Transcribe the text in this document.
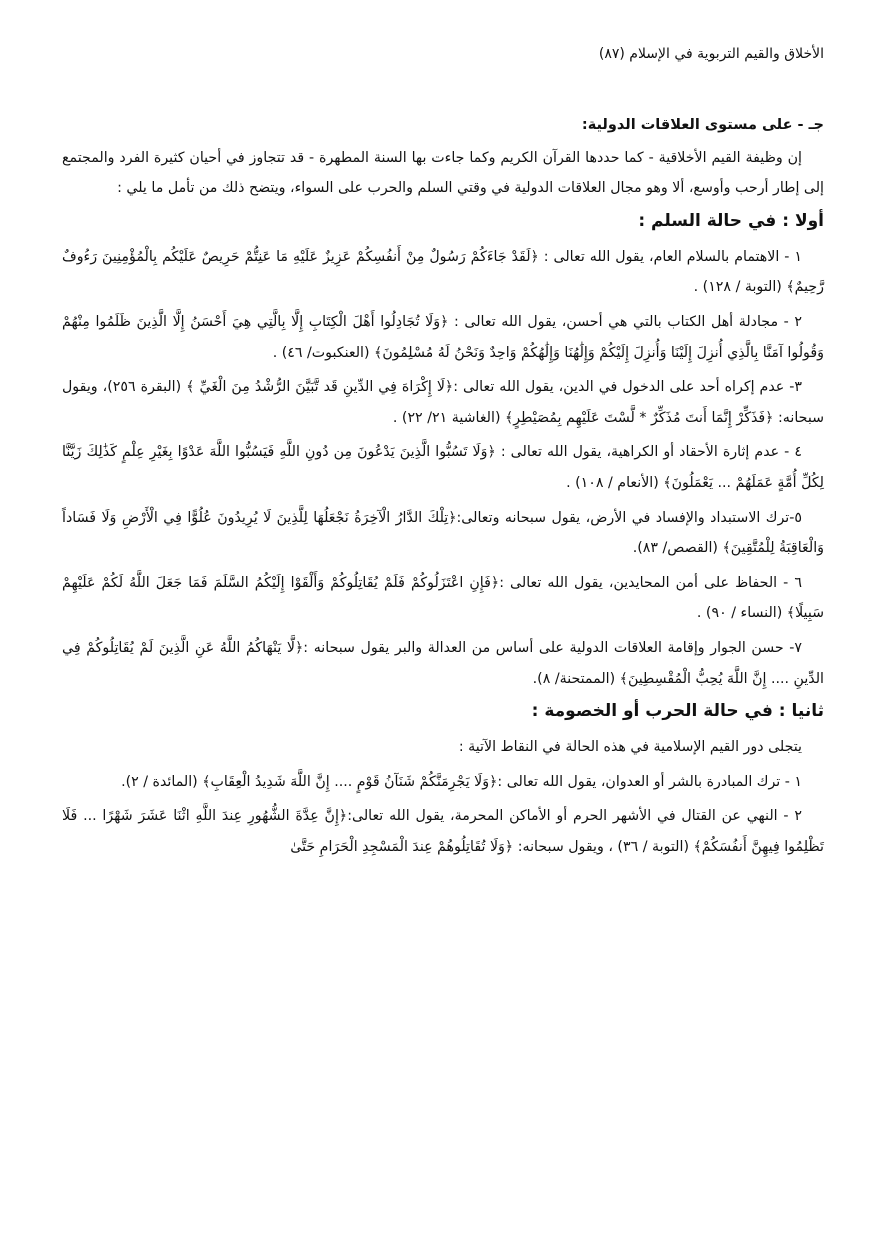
الأخلاق والقيم التربوية في الإسلام (٨٧)

جـ - على مستوى العلاقات الدولية:

إن وظيفة القيم الأخلاقية - كما حددها القرآن الكريم وكما جاءت بها السنة المطهرة - قد تتجاوز في أحيان كثيرة الفرد والمجتمع إلى إطار أرحب وأوسع، ألا وهو مجال العلاقات الدولية في وقتي السلم والحرب على السواء، ويتضح ذلك من تأمل ما يلي :

أولا : في حالة السلم :

١ - الاهتمام بالسلام العام، يقول الله تعالى : ﴿لَقَدْ جَاءَكُمْ رَسُولٌ مِنْ أَنفُسِكُمْ عَزِيزٌ عَلَيْهِ مَا عَنِتُّمْ حَرِيصٌ عَلَيْكُم بِالْمُؤْمِنِينَ رَءُوفٌ رَّحِيمٌ﴾ (التوبة / ١٢٨) .

٢ - مجادلة أهل الكتاب بالتي هي أحسن، يقول الله تعالى : ﴿وَلَا تُجَادِلُوا أَهْلَ الْكِتَابِ إِلَّا بِالَّتِي هِيَ أَحْسَنُ إِلَّا الَّذِينَ ظَلَمُوا مِنْهُمْ وَقُولُوا آمَنَّا بِالَّذِي أُنزِلَ إِلَيْنَا وَأُنزِلَ إِلَيْكُمْ وَإِلَٰهُنَا وَإِلَٰهُكُمْ وَاحِدٌ وَنَحْنُ لَهُ مُسْلِمُونَ﴾ (العنكبوت/ ٤٦) .

٣- عدم إكراه أحد على الدخول في الدين، يقول الله تعالى :﴿لَا إِكْرَاهَ فِي الدِّينِ قَد تَّبَيَّنَ الرُّشْدُ مِنَ الْغَيِّ ﴾ (البقرة ٢٥٦)، ويقول سبحانه: ﴿فَذَكِّرْ إِنَّمَا أَنتَ مُذَكِّرٌ * لَّسْتَ عَلَيْهِم بِمُصَيْطِرٍ﴾ (الغاشية ٢١/ ٢٢) .

٤ - عدم إثارة الأحقاد أو الكراهية، يقول الله تعالى : ﴿وَلَا تَسُبُّوا الَّذِينَ يَدْعُونَ مِن دُونِ اللَّهِ فَيَسُبُّوا اللَّهَ عَدْوًا بِغَيْرِ عِلْمٍ كَذَٰلِكَ زَيَّنَّا لِكُلِّ أُمَّةٍ عَمَلَهُمْ ... يَعْمَلُونَ﴾ (الأنعام / ١٠٨) .

٥-ترك الاستبداد والإفساد في الأرض، يقول سبحانه وتعالى:﴿تِلْكَ الدَّارُ الْآخِرَةُ نَجْعَلُهَا لِلَّذِينَ لَا يُرِيدُونَ عُلُوًّا فِي الْأَرْضِ وَلَا فَسَاداً وَالْعَاقِبَةُ لِلْمُتَّقِينَ﴾ (القصص/ ٨٣).

٦ - الحفاظ على أمن المحايدين، يقول الله تعالى :﴿فَإِنِ اعْتَزَلُوكُمْ فَلَمْ يُقَاتِلُوكُمْ وَأَلْقَوْا إِلَيْكُمُ السَّلَمَ فَمَا جَعَلَ اللَّهُ لَكُمْ عَلَيْهِمْ سَبِيلًا﴾ (النساء / ٩٠) .

٧- حسن الجوار وإقامة العلاقات الدولية على أساس من العدالة والبر يقول سبحانه :﴿لَّا يَنْهَاكُمُ اللَّهُ عَنِ الَّذِينَ لَمْ يُقَاتِلُوكُمْ فِي الدِّينِ .... إِنَّ اللَّهَ يُحِبُّ الْمُقْسِطِينَ﴾ (الممتحنة/ ٨).

ثانيا : في حالة الحرب أو الخصومة :

يتجلى دور القيم الإسلامية في هذه الحالة في النقاط الآتية :

١ - ترك المبادرة بالشر أو العدوان، يقول الله تعالى :﴿وَلَا يَجْرِمَنَّكُمْ شَنَآنُ قَوْمٍ .... إِنَّ اللَّهَ شَدِيدُ الْعِقَابِ﴾ (المائدة / ٢).

٢ - النهي عن القتال في الأشهر الحرم أو الأماكن المحرمة، يقول الله تعالى:﴿إِنَّ عِدَّةَ الشُّهُورِ عِندَ اللَّهِ اثْنَا عَشَرَ شَهْرًا ... فَلَا تَظْلِمُوا فِيهِنَّ أَنفُسَكُمْ﴾ (التوبة / ٣٦) ، ويقول سبحانه: ﴿وَلَا تُقَاتِلُوهُمْ عِندَ الْمَسْجِدِ الْحَرَامِ حَتَّىٰ
